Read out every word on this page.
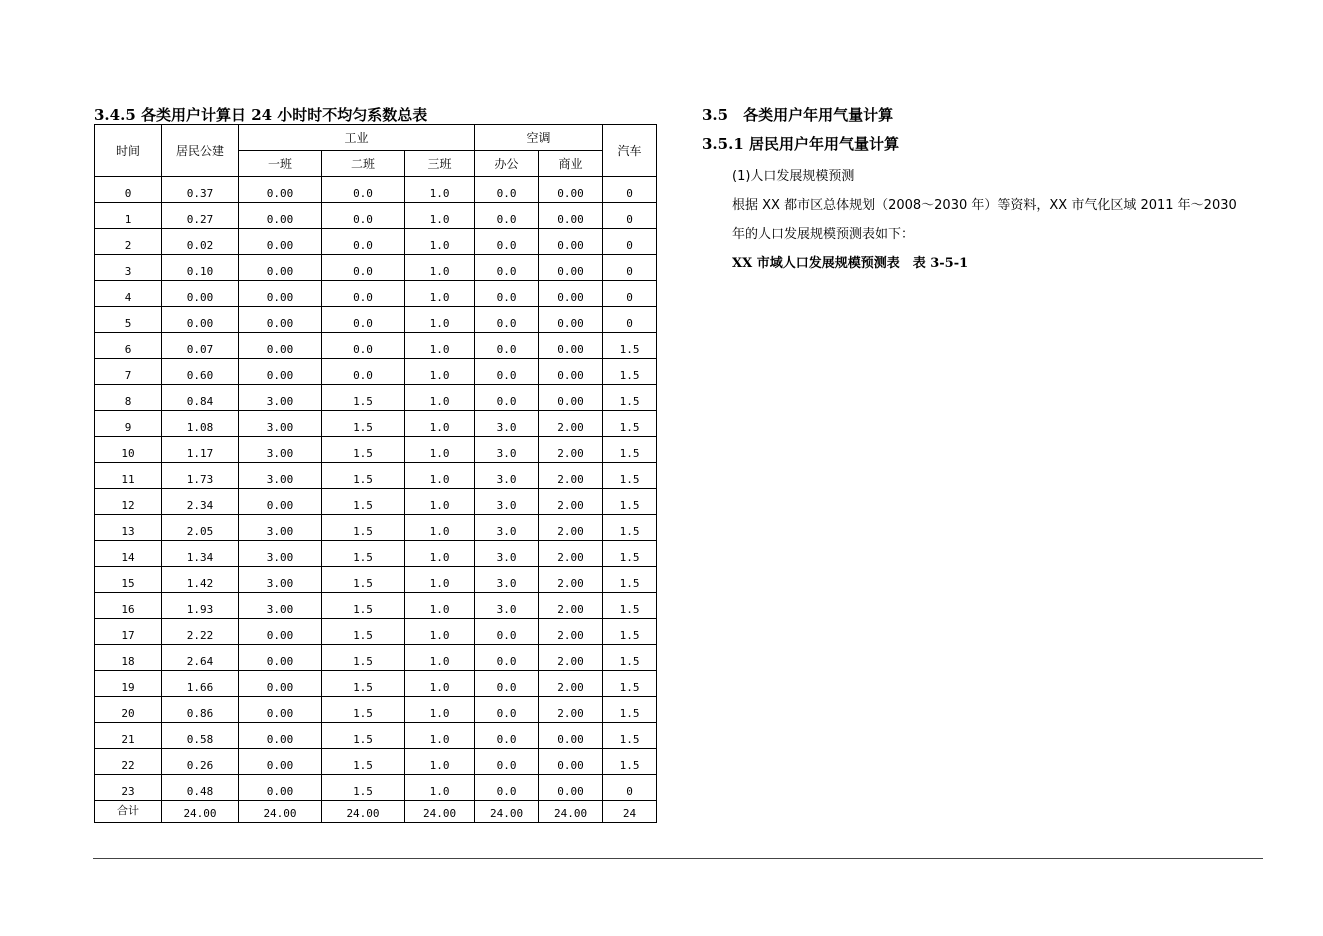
3.4.5 各类用户计算日 24 小时时不均匀系数总表
时间	居民公建	工业			空调		汽车
		一班	二班	三班	办公	商业	
0	0.37	0.00	0.0	1.0	0.0	0.00	0
1	0.27	0.00	0.0	1.0	0.0	0.00	0
2	0.02	0.00	0.0	1.0	0.0	0.00	0
3	0.10	0.00	0.0	1.0	0.0	0.00	0
4	0.00	0.00	0.0	1.0	0.0	0.00	0
5	0.00	0.00	0.0	1.0	0.0	0.00	0
6	0.07	0.00	0.0	1.0	0.0	0.00	1.5
7	0.60	0.00	0.0	1.0	0.0	0.00	1.5
8	0.84	3.00	1.5	1.0	0.0	0.00	1.5
9	1.08	3.00	1.5	1.0	3.0	2.00	1.5
10	1.17	3.00	1.5	1.0	3.0	2.00	1.5
11	1.73	3.00	1.5	1.0	3.0	2.00	1.5
12	2.34	0.00	1.5	1.0	3.0	2.00	1.5
13	2.05	3.00	1.5	1.0	3.0	2.00	1.5
14	1.34	3.00	1.5	1.0	3.0	2.00	1.5
15	1.42	3.00	1.5	1.0	3.0	2.00	1.5
16	1.93	3.00	1.5	1.0	3.0	2.00	1.5
17	2.22	0.00	1.5	1.0	0.0	2.00	1.5
18	2.64	0.00	1.5	1.0	0.0	2.00	1.5
19	1.66	0.00	1.5	1.0	0.0	2.00	1.5
20	0.86	0.00	1.5	1.0	0.0	2.00	1.5
21	0.58	0.00	1.5	1.0	0.0	0.00	1.5
22	0.26	0.00	1.5	1.0	0.0	0.00	1.5
23	0.48	0.00	1.5	1.0	0.0	0.00	0
合计	24.00	24.00	24.00	24.00	24.00	24.00	24
3.5　各类用户年用气量计算
3.5.1 居民用户年用气量计算
(1)人口发展规模预测
根据 XX 都市区总体规划（2008～2030 年）等资料，XX 市气化区域 2011 年～2030 年的人口发展规模预测表如下：
XX 市域人口发展规模预测表　表 3-5-1
